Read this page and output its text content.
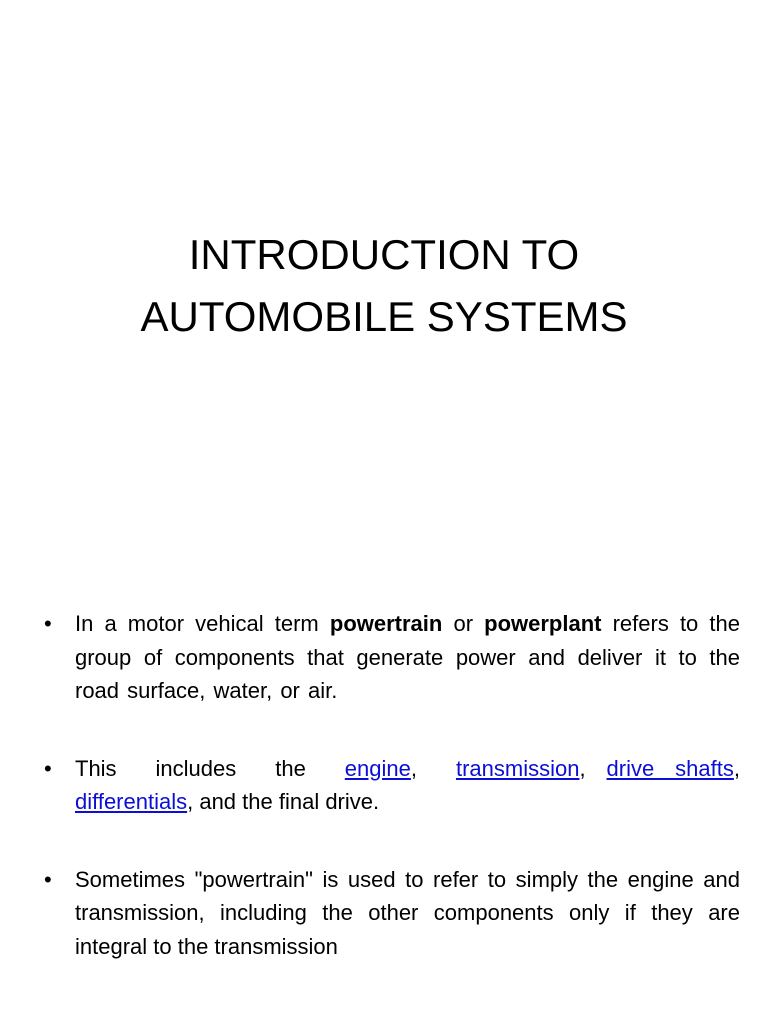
INTRODUCTION TO
AUTOMOBILE SYSTEMS
• In a motor vehical term powertrain or powerplant refers to the group of components that generate power and deliver it to the road surface, water, or air.
• This includes the engine, transmission, drive shafts, differentials, and the final drive.
• Sometimes "powertrain" is used to refer to simply the engine and transmission, including the other components only if they are integral to the transmission
